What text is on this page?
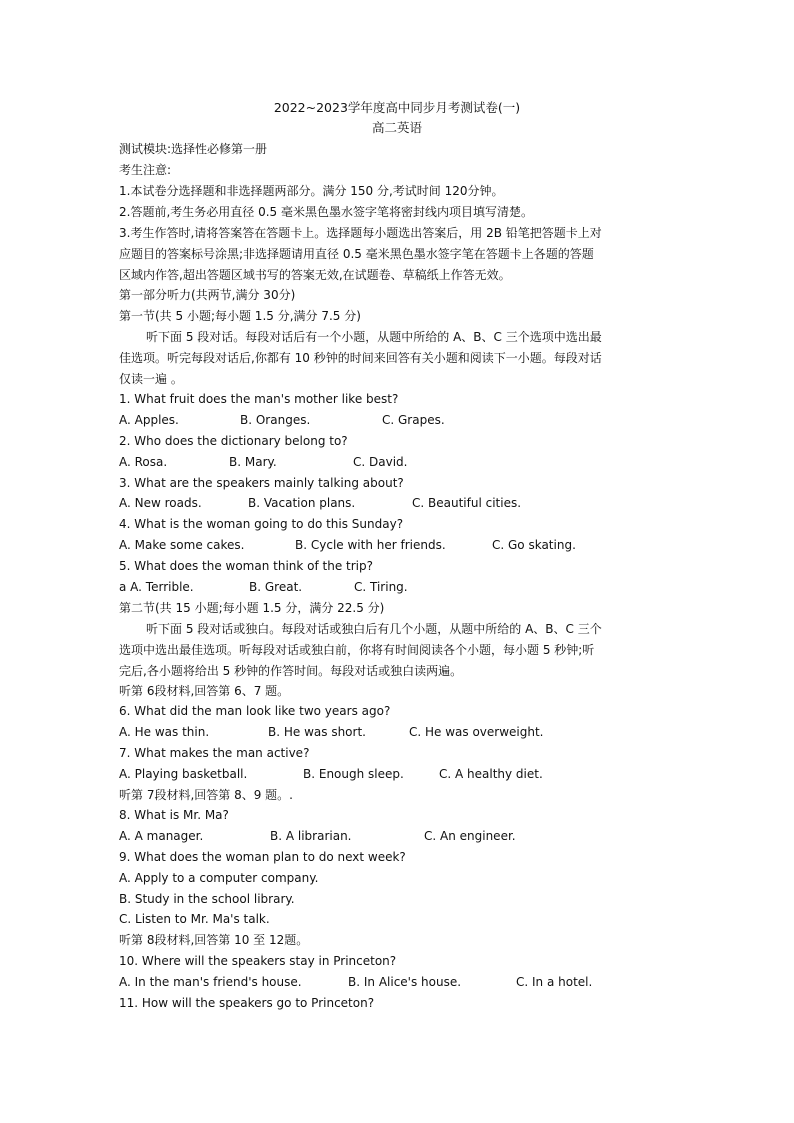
2022~2023学年度高中同步月考测试卷(一)
高二英语
测试模块:选择性必修第一册
考生注意:
1.本试卷分选择题和非选择题两部分。满分 150 分,考试时间 120分钟。
2.答题前,考生务必用直径 0.5 毫米黑色墨水签字笔将密封线内项目填写清楚。
3.考生作答时,请将答案答在答题卡上。选择题每小题选出答案后，用 2B 铅笔把答题卡上对
应题目的答案标号涂黑;非选择题请用直径 0.5 毫米黑色墨水签字笔在答题卡上各题的答题
区域内作答,超出答题区域书写的答案无效,在试题卷、草稿纸上作答无效。
第一部分听力(共两节,满分 30分)
第一节(共 5 小题;每小题 1.5 分,满分 7.5 分)
听下面 5 段对话。每段对话后有一个小题，从题中所给的 A、B、C 三个选项中选出最
佳选项。听完每段对话后,你都有 10 秒钟的时间来回答有关小题和阅读下一小题。每段对话
仅读一遍 。
1. What fruit does the man's mother like best?
A. Apples.	B. Oranges.	C. Grapes.
2. Who does the dictionary belong to?
A. Rosa.	B. Mary.	C. David.
3. What are the speakers mainly talking about?
A. New roads.	B. Vacation plans.	C. Beautiful cities.
4. What is the woman going to do this Sunday?
A. Make some cakes.	B. Cycle with her friends.	C. Go skating.
5. What does the woman think of the trip?
a A. Terrible.	B. Great.	C. Tiring.
第二节(共 15 小题;每小题 1.5 分，满分 22.5 分)
听下面 5 段对话或独白。每段对话或独白后有几个小题，从题中所给的 A、B、C 三个
选项中选出最佳选项。听每段对话或独白前，你将有时间阅读各个小题，每小题 5 秒钟;听
完后,各小题将给出 5 秒钟的作答时间。每段对话或独白读两遍。
听第 6段材料,回答第 6、7 题。
6. What did the man look like two years ago?
A. He was thin.	B. He was short.	C. He was overweight.
7. What makes the man active?
A. Playing basketball.	B. Enough sleep.	C. A healthy diet.
听第 7段材料,回答第 8、9 题。.
8. What is Mr. Ma?
A. A manager.	B. A librarian.	C. An engineer.
9. What does the woman plan to do next week?
A. Apply to a computer company.
B. Study in the school library.
C. Listen to Mr. Ma's talk.
听第 8段材料,回答第 10 至 12题。
10. Where will the speakers stay in Princeton?
A. In the man's friend's house.	B. In Alice's house.	C. In a hotel.
11. How will the speakers go to Princeton?
